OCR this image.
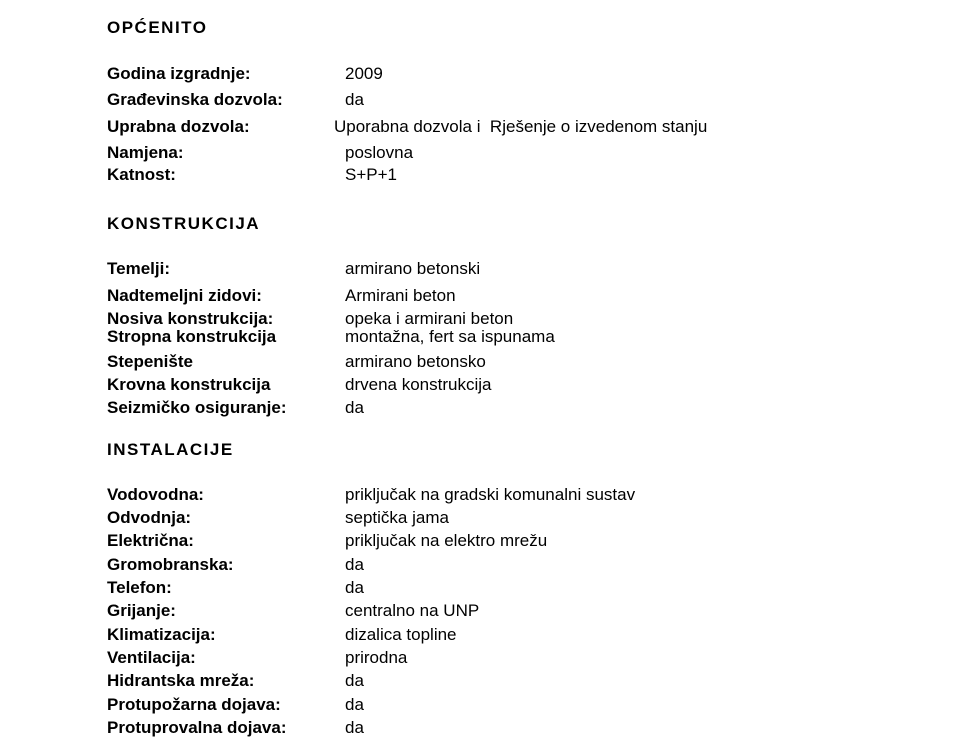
OPĆENITO
Godina izgradnje:	2009
Građevinska dozvola:	da
Uprabna dozvola:	Uporabna dozvola i  Rješenje o izvedenom stanju
Namjena:	poslovna
Katnost:	S+P+1
KONSTRUKCIJA
Temelji:	armirano betonski
Nadtemeljni zidovi:	Armirani beton
Nosiva konstrukcija:	opeka i armirani beton
Stropna konstrukcija	montažna, fert sa ispunama
Stepenište	armirano betonsko
Krovna konstrukcija	drvena konstrukcija
Seizmičko osiguranje:	da
INSTALACIJE
Vodovodna:	priključak na gradski komunalni sustav
Odvodnja:	septička jama
Električna:	priključak na elektro mrežu
Gromobranska:	da
Telefon:	da
Grijanje:	centralno na UNP
Klimatizacija:	dizalica topline
Ventilacija:	prirodna
Hidrantska mreža:	da
Protupožarna dojava:	da
Protuprovalna dojava:	da
